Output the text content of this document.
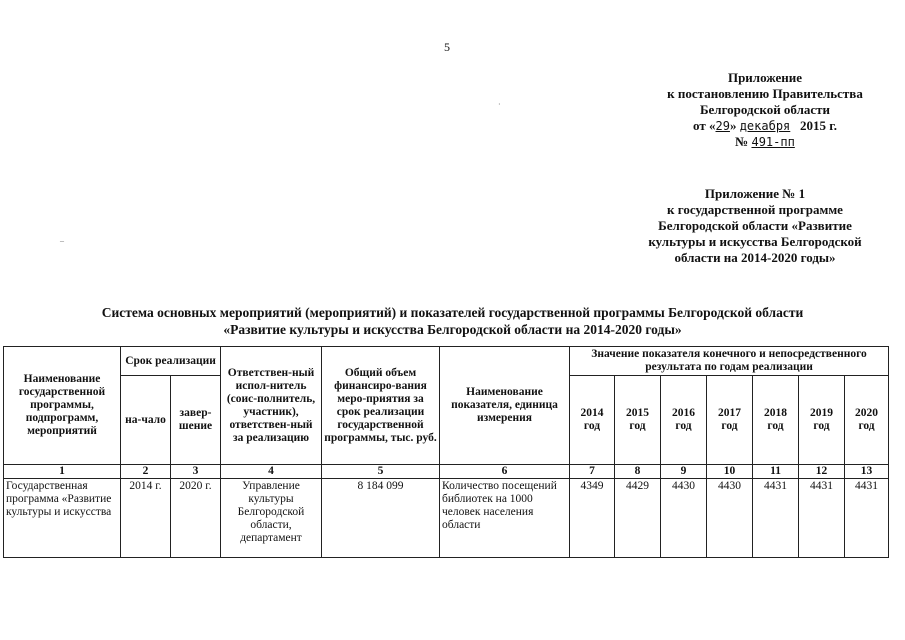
5
Приложение
к постановлению Правительства
Белгородской области
от «29» декабря 2015 г.
№ 491-пп
Приложение № 1
к государственной программе
Белгородской области «Развитие
культуры и искусства Белгородской
области на 2014-2020 годы»
Система основных мероприятий (мероприятий) и показателей государственной программы Белгородской области
«Развитие культуры и искусства Белгородской области на 2014-2020 годы»
·
–
Наименование государственной программы, подпрограмм, мероприятий	Срок реализации		Ответствен-ный испол-нитель (соис-полнитель, участник), ответствен-ный за реализацию	Общий объем финансиро-вания меро-приятия за срок реализации государственной программы, тыс. руб.	Наименование показателя, единица измерения	Значение показателя конечного и непосредственного результата по годам реализации						
	на-чало	завер-шение				2014 год	2015 год	2016 год	2017 год	2018 год	2019 год	2020 год
1	2	3	4	5	6	7	8	9	10	11	12	13
Государственная программа «Развитие культуры и искусства	2014 г.	2020 г.	Управление культуры Белгородской области, департамент	8 184 099	Количество посещений библиотек на 1000 человек населения области	4349	4429	4430	4430	4431	4431	4431
